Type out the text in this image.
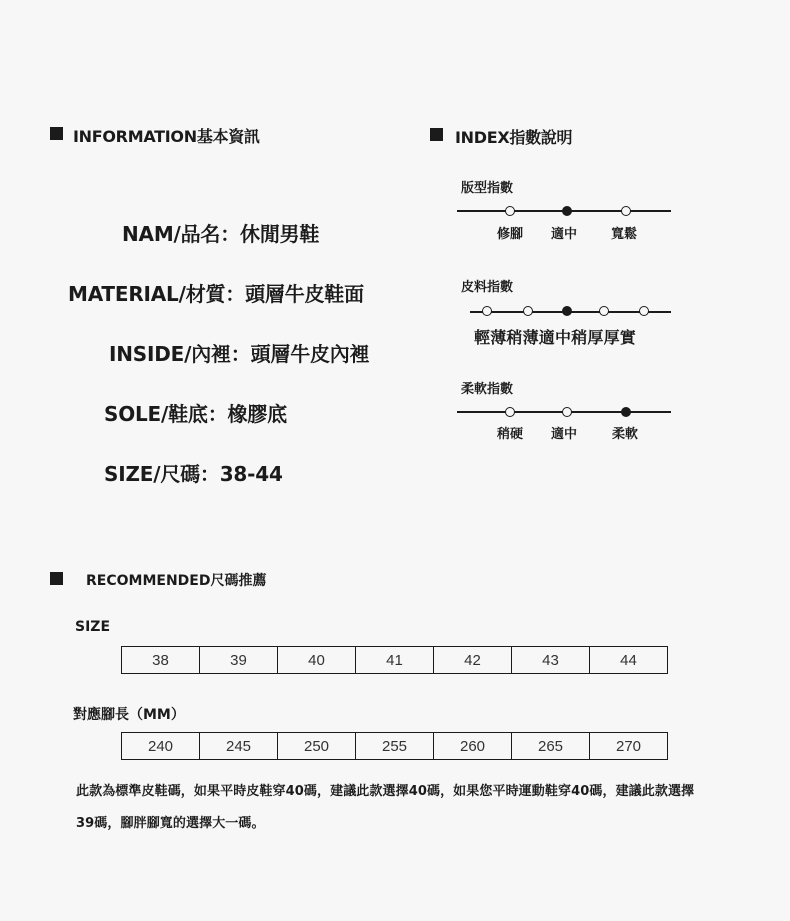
INFORMATION基本資訊
NAM/品名：休閒男鞋
MATERIAL/材質：頭層牛皮鞋面
INSIDE/內裡：頭層牛皮內裡
SOLE/鞋底：橡膠底
SIZE/尺碼：38-44
INDEX指數說明
版型指數
修腳 適中	寬鬆
皮料指數
輕薄稍薄適中稍厚厚實
柔軟指數
稍硬 適中	柔軟
RECOMMENDED尺碼推薦
SIZE
38	39	40	41	42	43	44
對應腳長（MM）
240	245	250	255	260	265	270
此款為標準皮鞋碼，如果平時皮鞋穿40碼，建議此款選擇40碼，如果您平時運動鞋穿40碼，建議此款選擇39碼，腳胖腳寬的選擇大一碼。
